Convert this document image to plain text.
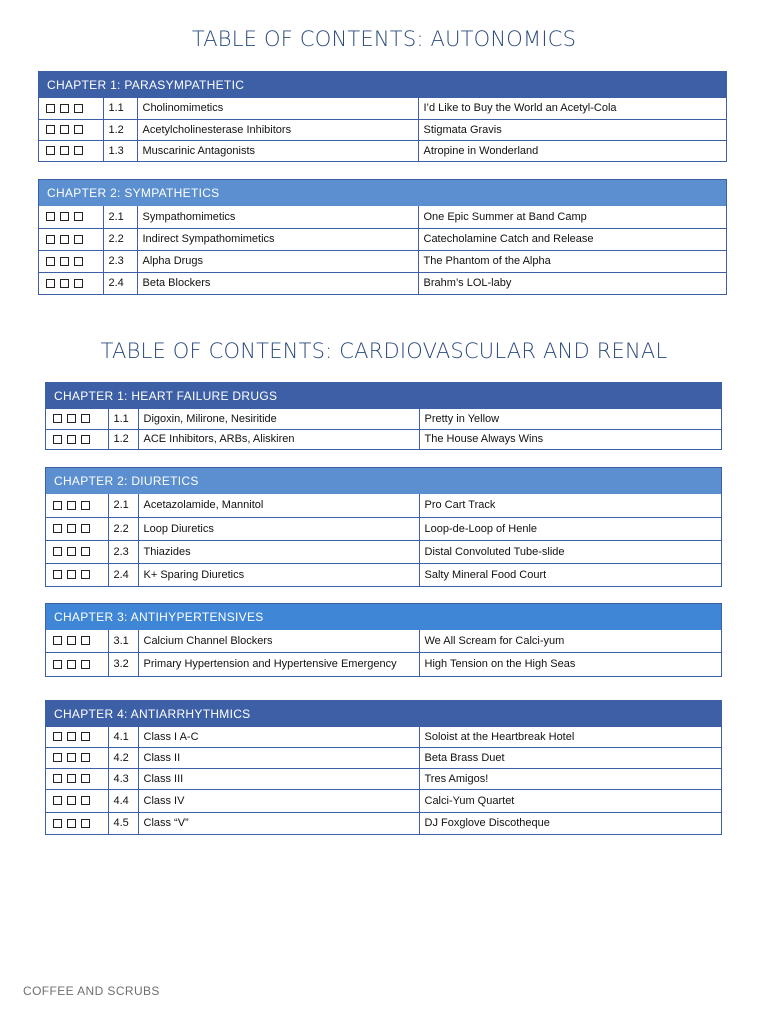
TABLE OF CONTENTS: AUTONOMICS
CHAPTER 1: PARASYMPATHETIC
	1.1	Cholinomimetics	I’d Like to Buy the World an Acetyl-Cola

	1.2	Acetylcholinesterase Inhibitors	Stigmata Gravis

	1.3	Muscarinic Antagonists	Atropine in Wonderland
CHAPTER 2: SYMPATHETICS
	2.1	Sympathomimetics	One Epic Summer at Band Camp

	2.2	Indirect Sympathomimetics	Catecholamine Catch and Release

	2.3	Alpha Drugs	The Phantom of the Alpha

	2.4	Beta Blockers	Brahm’s LOL-laby
TABLE OF CONTENTS: CARDIOVASCULAR AND RENAL
CHAPTER 1: HEART FAILURE DRUGS
	1.1	Digoxin, Milirone, Nesiritide	Pretty in Yellow

	1.2	ACE Inhibitors, ARBs, Aliskiren	The House Always Wins
CHAPTER 2: DIURETICS
	2.1	Acetazolamide, Mannitol	Pro Cart Track

	2.2	Loop Diuretics	Loop-de-Loop of Henle

	2.3	Thiazides	Distal Convoluted Tube-slide

	2.4	K+ Sparing Diuretics	Salty Mineral Food Court
CHAPTER 3: ANTIHYPERTENSIVES
	3.1	Calcium Channel Blockers	We All Scream for Calci-yum

	3.2	Primary Hypertension and Hypertensive Emergency	High Tension on the High Seas
CHAPTER 4: ANTIARRHYTHMICS
	4.1	Class I A-C	Soloist at the Heartbreak Hotel

	4.2	Class II	Beta Brass Duet

	4.3	Class III	Tres Amigos!

	4.4	Class IV	Calci-Yum Quartet

	4.5	Class “V”	DJ Foxglove Discotheque
COFFEE AND SCRUBS
